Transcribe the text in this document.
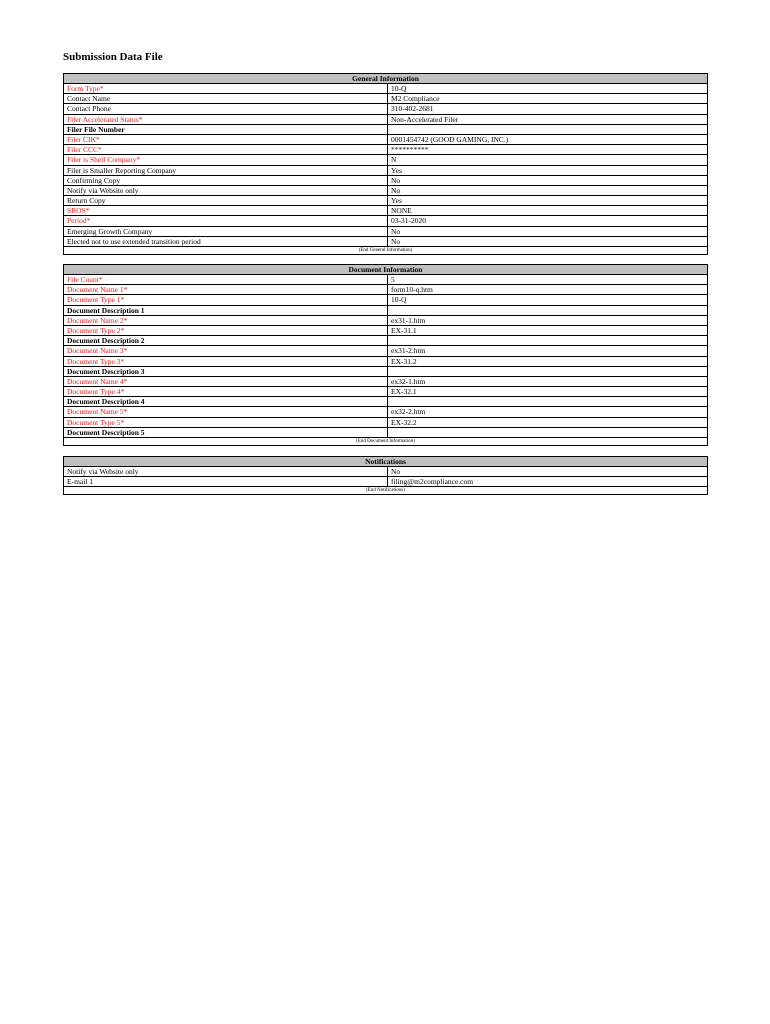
Submission Data File
General Information
Form Type*	10-Q
Contact Name	M2 Compliance
Contact Phone	310-402-2681
Filer Accelerated Status*	Non-Accelerated Filer
Filer File Number
Filer CIK*	0001454742 (GOOD GAMING, INC.)
Filer CCC*	**********
Filer is Shell Company*	N
Filer is Smaller Reporting Company	Yes
Confirming Copy	No
Notify via Website only	No
Return Copy	Yes
SROS*	NONE
Period*	03-31-2020
Emerging Growth Company	No
Elected not to use extended transition period	No
(End General Information)
Document Information
File Count*	5
Document Name 1*	form10-q.htm
Document Type 1*	10-Q
Document Description 1
Document Name 2*	ex31-1.htm
Document Type 2*	EX-31.1
Document Description 2
Document Name 3*	ex31-2.htm
Document Type 3*	EX-31.2
Document Description 3
Document Name 4*	ex32-1.htm
Document Type 4*	EX-32.1
Document Description 4
Document Name 5*	ex32-2.htm
Document Type 5*	EX-32.2
Document Description 5
(End Document Information)
Notifications
Notify via Website only	No
E-mail 1	filing@m2compliance.com
(End Notifications)
